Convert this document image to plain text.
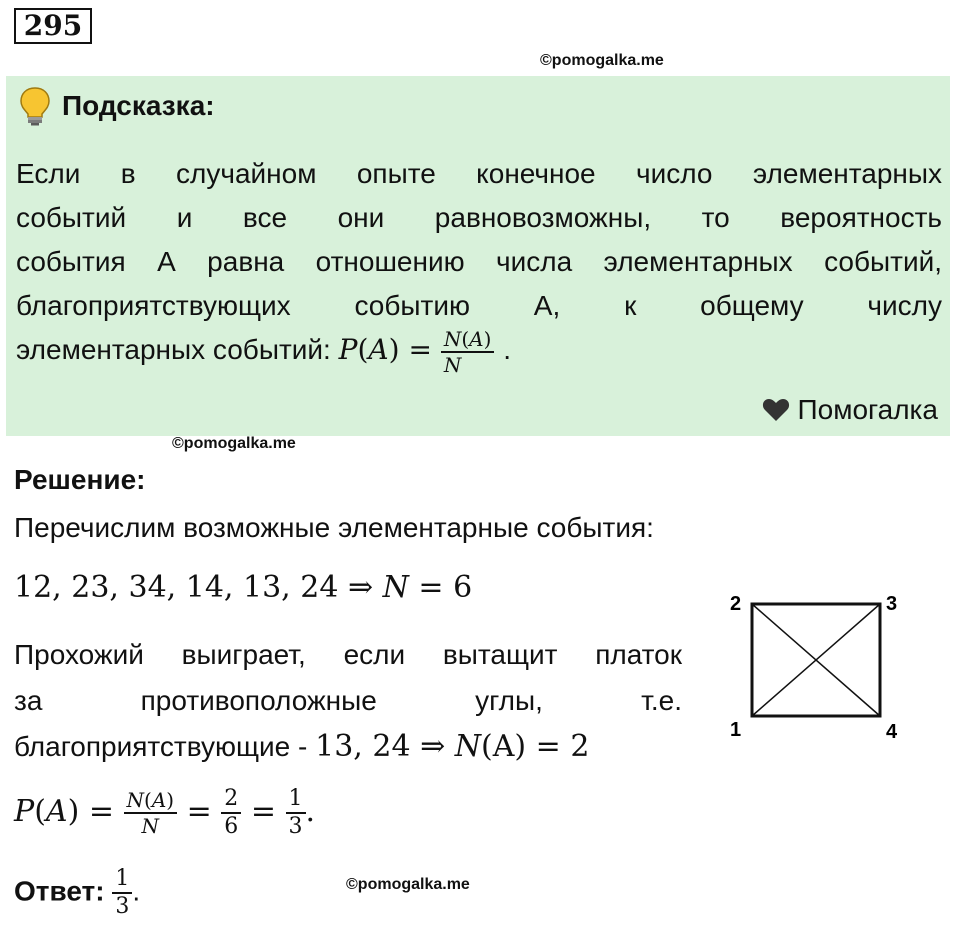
295
©pomogalka.me
Подсказка:
Если в случайном опыте конечное число элементарных
событий и все они равновозможны, то вероятность
события А равна отношению числа элементарных событий,
благоприятствующих событию А, к общему числу
элементарных событий: $P(A) = \frac{N(A)}{N}$ .
Помогалка
©pomogalka.me
Решение:
Перечислим возможные элементарные события:
12, 23, 34, 14, 13, 24 ⇒ N = 6
Прохожий выиграет, если вытащит платок
за противоположные углы, т.е.
благоприятствующие - 13, 24 ⇒ N(A) = 2
$P(A) = \frac{N(A)}{N} = \frac{2}{6} = \frac{1}{3}$ .
Ответ: $\frac{1}{3}$ .	©pomogalka.me
2	3
1	4
